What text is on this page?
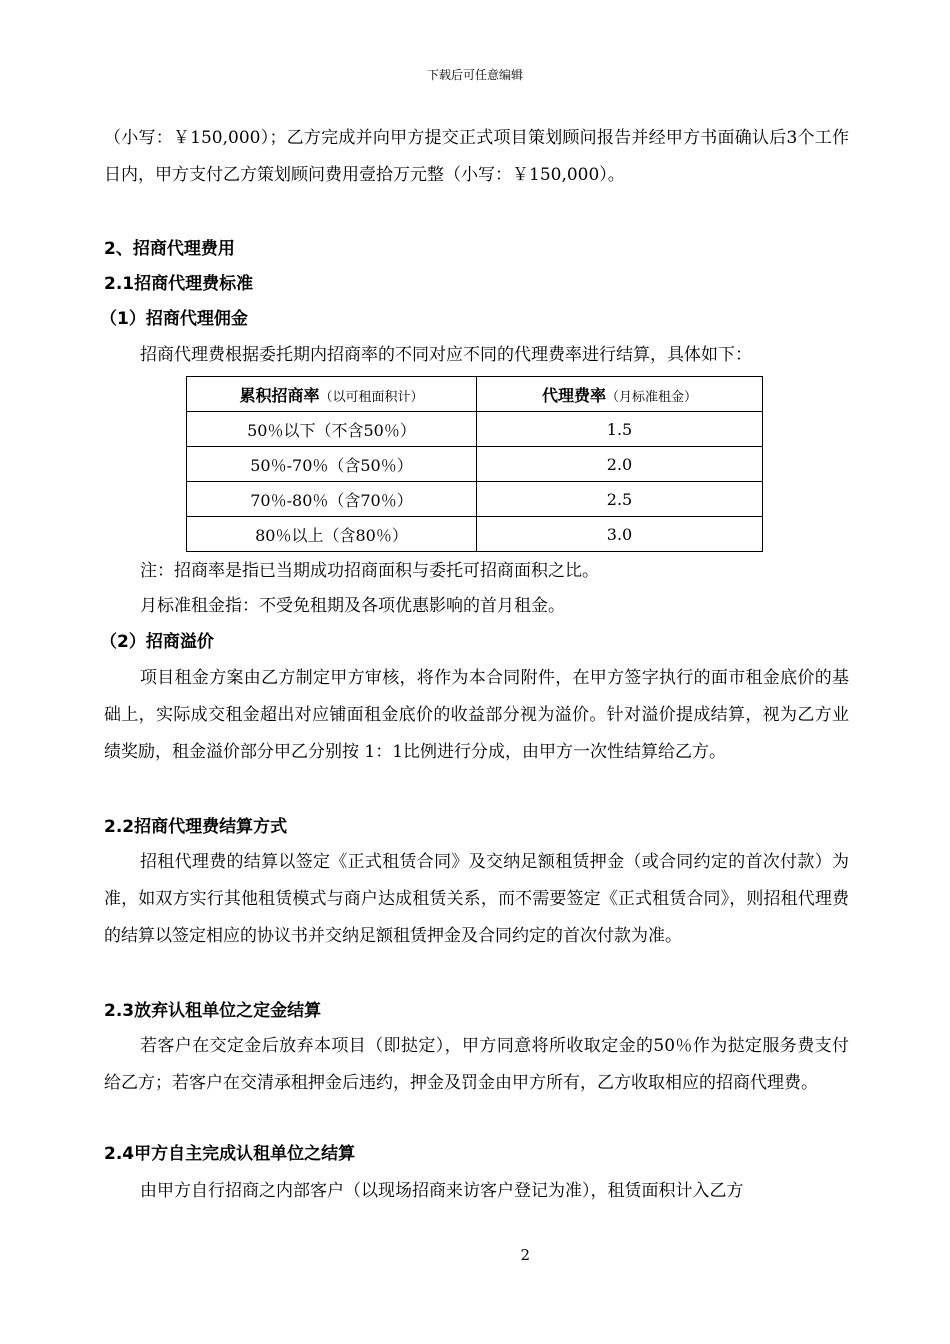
下载后可任意编辑
（小写：￥150,000）；乙方完成并向甲方提交正式项目策划顾问报告并经甲方书面确认后3个工作日内，甲方支付乙方策划顾问费用壹拾万元整（小写：￥150,000）。
2、招商代理费用
2.1招商代理费标准
（1）招商代理佣金
招商代理费根据委托期内招商率的不同对应不同的代理费率进行结算，具体如下：
累积招商率（以可租面积计）	代理费率（月标准租金）
50％以下（不含50％）	1.5
50％-70％（含50％）	2.0
70％-80％（含70％）	2.5
80％以上（含80％）	3.0
注：招商率是指已当期成功招商面积与委托可招商面积之比。
月标准租金指：不受免租期及各项优惠影响的首月租金。
（2）招商溢价
项目租金方案由乙方制定甲方审核，将作为本合同附件，在甲方签字执行的面市租金底价的基础上，实际成交租金超出对应铺面租金底价的收益部分视为溢价。针对溢价提成结算，视为乙方业绩奖励，租金溢价部分甲乙分别按 1：1比例进行分成，由甲方一次性结算给乙方。
2.2招商代理费结算方式
招租代理费的结算以签定《正式租赁合同》及交纳足额租赁押金（或合同约定的首次付款）为准，如双方实行其他租赁模式与商户达成租赁关系，而不需要签定《正式租赁合同》，则招租代理费的结算以签定相应的协议书并交纳足额租赁押金及合同约定的首次付款为准。
2.3放弃认租单位之定金结算
若客户在交定金后放弃本项目（即挞定），甲方同意将所收取定金的50％作为挞定服务费支付给乙方；若客户在交清承租押金后违约，押金及罚金由甲方所有，乙方收取相应的招商代理费。
2.4甲方自主完成认租单位之结算
由甲方自行招商之内部客户（以现场招商来访客户登记为准），租赁面积计入乙方
2
